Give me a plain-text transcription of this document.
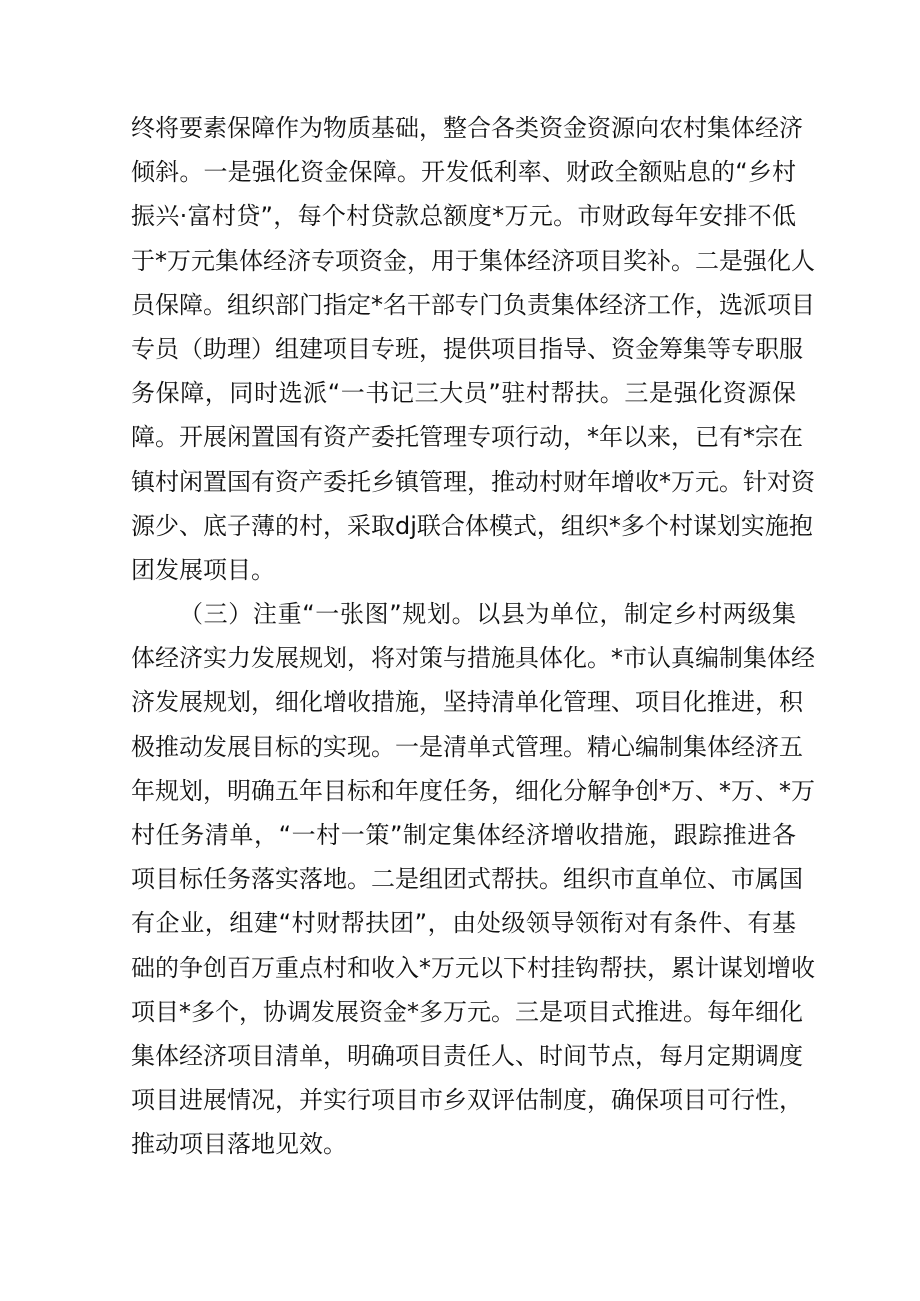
终将要素保障作为物质基础，整合各类资金资源向农村集体经济
倾斜。一是强化资金保障。开发低利率、财政全额贴息的“乡村
振兴·富村贷”，每个村贷款总额度*万元。市财政每年安排不低
于*万元集体经济专项资金，用于集体经济项目奖补。二是强化人
员保障。组织部门指定*名干部专门负责集体经济工作，选派项目
专员（助理）组建项目专班，提供项目指导、资金筹集等专职服
务保障，同时选派“一书记三大员”驻村帮扶。三是强化资源保
障。开展闲置国有资产委托管理专项行动，*年以来，已有*宗在
镇村闲置国有资产委托乡镇管理，推动村财年增收*万元。针对资
源少、底子薄的村，采取dj联合体模式，组织*多个村谋划实施抱
团发展项目。
（三）注重“一张图”规划。以县为单位，制定乡村两级集
体经济实力发展规划，将对策与措施具体化。*市认真编制集体经
济发展规划，细化增收措施，坚持清单化管理、项目化推进，积
极推动发展目标的实现。一是清单式管理。精心编制集体经济五
年规划，明确五年目标和年度任务，细化分解争创*万、*万、*万
村任务清单，“一村一策”制定集体经济增收措施，跟踪推进各
项目标任务落实落地。二是组团式帮扶。组织市直单位、市属国
有企业，组建“村财帮扶团”，由处级领导领衔对有条件、有基
础的争创百万重点村和收入*万元以下村挂钩帮扶，累计谋划增收
项目*多个，协调发展资金*多万元。三是项目式推进。每年细化
集体经济项目清单，明确项目责任人、时间节点，每月定期调度
项目进展情况，并实行项目市乡双评估制度，确保项目可行性，
推动项目落地见效。
